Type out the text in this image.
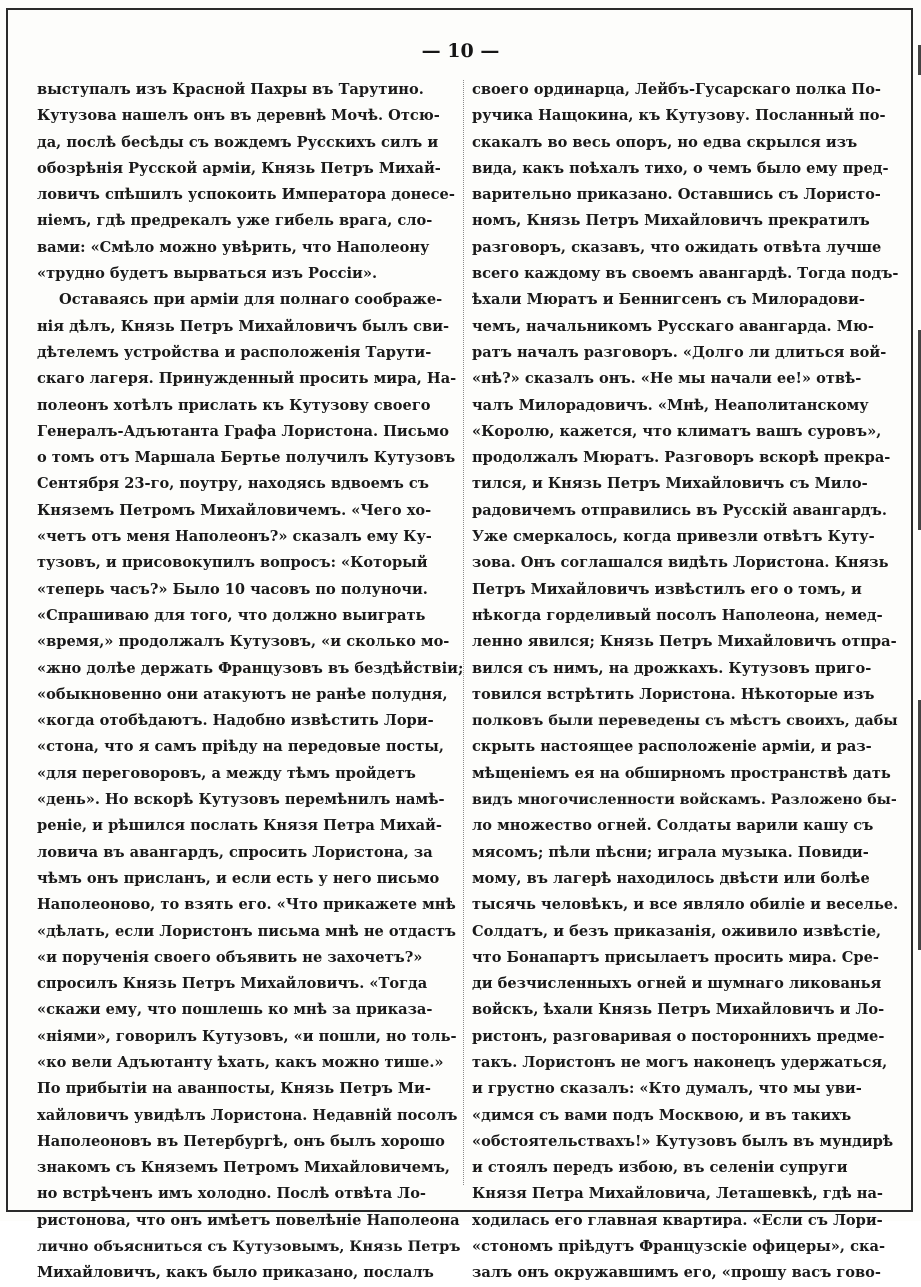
— 10 —
выступалъ изъ Красной Пахры въ Тарутино.
Кутузова нашелъ онъ въ деревнѣ Мочѣ. Отсю-
да, послѣ бесѣды съ вождемъ Русскихъ силъ и
обозрѣнія Русской арміи, Князь Петръ Михай-
ловичъ спѣшилъ успокоить Императора донесе-
ніемъ, гдѣ предрекалъ уже гибель врага, сло-
вами: «Смѣло можно увѣрить, что Наполеону
«трудно будетъ вырваться изъ Россіи».
Оставаясь при арміи для полнаго соображе-
нія дѣлъ, Князь Петръ Михайловичъ былъ сви-
дѣтелемъ устройства и расположенія Тарути-
скаго лагеря. Принужденный просить мира, На-
полеонъ хотѣлъ прислать къ Кутузову своего
Генералъ-Адъютанта Графа Лористона. Письмо
о томъ отъ Маршала Бертье получилъ Кутузовъ
Сентября 23-го, поутру, находясь вдвоемъ съ
Княземъ Петромъ Михайловичемъ. «Чего хо-
«четъ отъ меня Наполеонъ?» сказалъ ему Ку-
тузовъ, и присовокупилъ вопросъ: «Который
«теперь часъ?» Было 10 часовъ по полуночи.
«Спрашиваю для того, что должно выиграть
«время,» продолжалъ Кутузовъ, «и сколько мо-
«жно долѣе держать Французовъ въ бездѣйствіи;
«обыкновенно они атакуютъ не ранѣе полудня,
«когда отобѣдаютъ. Надобно извѣстить Лори-
«стона, что я самъ пріѣду на передовые посты,
«для переговоровъ, а между тѣмъ пройдетъ
«день». Но вскорѣ Кутузовъ перемѣнилъ намѣ-
реніе, и рѣшился послать Князя Петра Михай-
ловича въ авангардъ, спросить Лористона, за
чѣмъ онъ присланъ, и если есть у него письмо
Наполеоново, то взять его. «Что прикажете мнѣ
«дѣлать, если Лористонъ письма мнѣ не отдастъ
«и порученія своего объявить не захочетъ?»
спросилъ Князь Петръ Михайловичъ. «Тогда
«скажи ему, что пошлешь ко мнѣ за приказа-
«ніями», говорилъ Кутузовъ, «и пошли, но толь-
«ко вели Адъютанту ѣхать, какъ можно тише.»
По прибытіи на аванпосты, Князь Петръ Ми-
хайловичъ увидѣлъ Лористона. Недавній посолъ
Наполеоновъ въ Петербургѣ, онъ былъ хорошо
знакомъ съ Княземъ Петромъ Михайловичемъ,
но встрѣченъ имъ холодно. Послѣ отвѣта Ло-
ристонова, что онъ имѣетъ повелѣніе Наполеона
лично объясниться съ Кутузовымъ, Князь Петръ
Михайловичъ, какъ было приказано, послалъ
своего ординарца, Лейбъ-Гусарскаго полка По-
ручика Нащокина, къ Кутузову. Посланный по-
скакалъ во весь опоръ, но едва скрылся изъ
вида, какъ поѣхалъ тихо, о чемъ было ему пред-
варительно приказано. Оставшись съ Лористо-
номъ, Князь Петръ Михайловичъ прекратилъ
разговоръ, сказавъ, что ожидать отвѣта лучше
всего каждому въ своемъ авангардѣ. Тогда подъ-
ѣхали Мюратъ и Беннигсенъ съ Милорадови-
чемъ, начальникомъ Русскаго авангарда. Мю-
ратъ началъ разговоръ. «Долго ли длиться вой-
«нѣ?» сказалъ онъ. «Не мы начали ее!» отвѣ-
чалъ Милорадовичъ. «Мнѣ, Неаполитанскому
«Королю, кажется, что климатъ вашъ суровъ»,
продолжалъ Мюратъ. Разговоръ вскорѣ прекра-
тился, и Князь Петръ Михайловичъ съ Мило-
радовичемъ отправились въ Русскій авангардъ.
Уже смеркалось, когда привезли отвѣтъ Куту-
зова. Онъ соглашался видѣть Лористона. Князь
Петръ Михайловичъ извѣстилъ его о томъ, и
нѣкогда горделивый посолъ Наполеона, немед-
ленно явился; Князь Петръ Михайловичъ отпра-
вился съ нимъ, на дрожкахъ. Кутузовъ приго-
товился встрѣтить Лористона. Нѣкоторые изъ
полковъ были переведены съ мѣстъ своихъ, дабы
скрыть настоящее расположеніе арміи, и раз-
мѣщеніемъ ея на обширномъ пространствѣ дать
видъ многочисленности войскамъ. Разложено бы-
ло множество огней. Солдаты варили кашу съ
мясомъ; пѣли пѣсни; играла музыка. Повиди-
мому, въ лагерѣ находилось двѣсти или болѣе
тысячь человѣкъ, и все являло обиліе и веселье.
Солдатъ, и безъ приказанія, оживило извѣстіе,
что Бонапартъ присылаетъ просить мира. Сре-
ди безчисленныхъ огней и шумнаго ликованья
войскъ, ѣхали Князь Петръ Михайловичъ и Ло-
ристонъ, разговаривая о постороннихъ предме-
такъ. Лористонъ не могъ наконецъ удержаться,
и грустно сказалъ: «Кто думалъ, что мы уви-
«димся съ вами подъ Москвою, и въ такихъ
«обстоятельствахъ!» Кутузовъ былъ въ мундирѣ
и стоялъ передъ избою, въ селеніи супруги
Князя Петра Михайловича, Леташевкѣ, гдѣ на-
ходилась его главная квартира. «Если съ Лори-
«стономъ пріѣдутъ Французскіе офицеры», ска-
залъ онъ окружавшимъ его, «прошу васъ гово-
